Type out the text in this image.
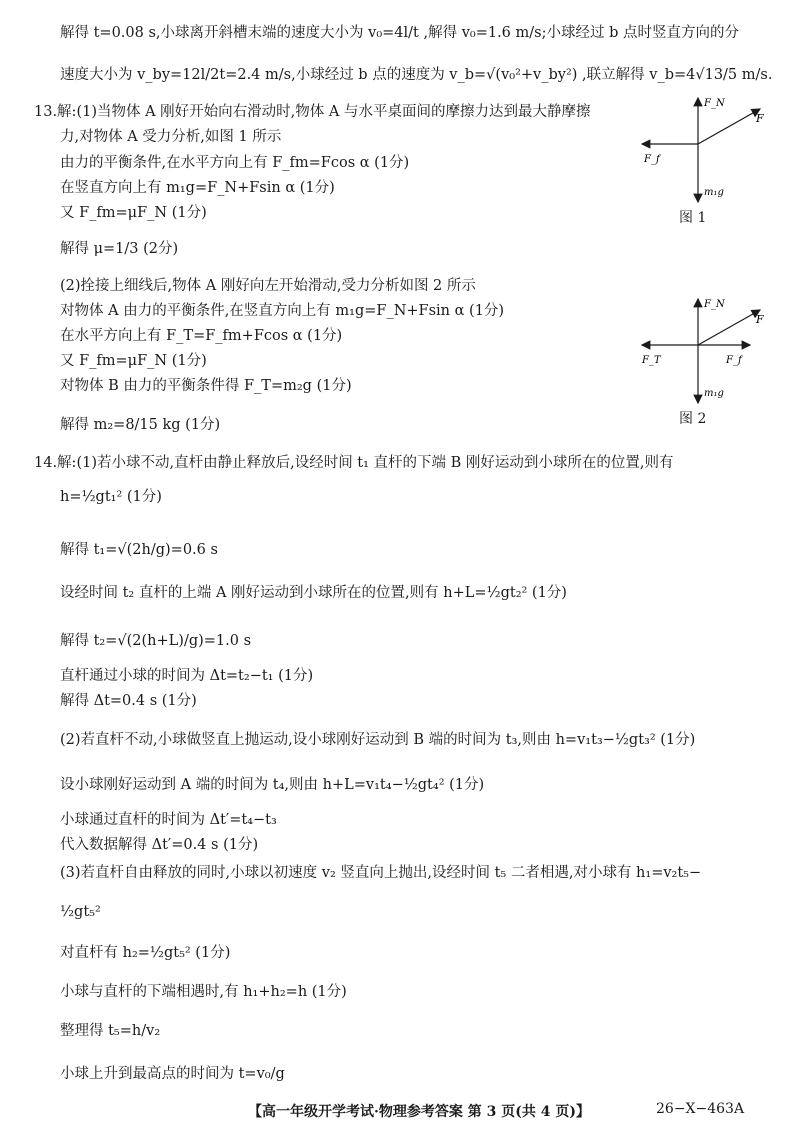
解得 t=0.08 s,小球离开斜槽末端的速度大小为 v₀=4l/t ,解得 v₀=1.6 m/s;小球经过 b 点时竖直方向的分
速度大小为 v_by=12l/2t=2.4 m/s,小球经过 b 点的速度为 v_b=√(v₀²+v_by²) ,联立解得 v_b=4√13/5 m/s.
13.解:(1)当物体 A 刚好开始向右滑动时,物体 A 与水平桌面间的摩擦力达到最大静摩擦
力,对物体 A 受力分析,如图 1 所示
由力的平衡条件,在水平方向上有 F_fm=Fcos α (1分)
在竖直方向上有 m₁g=F_N+Fsin α (1分)
又 F_fm=μF_N (1分)
解得 μ=1/3 (2分)
(2)拴接上细线后,物体 A 刚好向左开始滑动,受力分析如图 2 所示
对物体 A 由力的平衡条件,在竖直方向上有 m₁g=F_N+Fsin α (1分)
在水平方向上有 F_T=F_fm+Fcos α (1分)
又 F_fm=μF_N (1分)
对物体 B 由力的平衡条件得 F_T=m₂g (1分)
解得 m₂=8/15 kg (1分)
14.解:(1)若小球不动,直杆由静止释放后,设经时间 t₁ 直杆的下端 B 刚好运动到小球所在的位置,则有
h=½gt₁² (1分)
解得 t₁=√(2h/g)=0.6 s
设经时间 t₂ 直杆的上端 A 刚好运动到小球所在的位置,则有 h+L=½gt₂² (1分)
解得 t₂=√(2(h+L)/g)=1.0 s
直杆通过小球的时间为 Δt=t₂−t₁ (1分)
解得 Δt=0.4 s (1分)
(2)若直杆不动,小球做竖直上抛运动,设小球刚好运动到 B 端的时间为 t₃,则由 h=v₁t₃−½gt₃² (1分)
设小球刚好运动到 A 端的时间为 t₄,则由 h+L=v₁t₄−½gt₄² (1分)
小球通过直杆的时间为 Δt′=t₄−t₃
代入数据解得 Δt′=0.4 s (1分)
(3)若直杆自由释放的同时,小球以初速度 v₂ 竖直向上抛出,设经时间 t₅ 二者相遇,对小球有 h₁=v₂t₅−
½gt₅²
对直杆有 h₂=½gt₅² (1分)
小球与直杆的下端相遇时,有 h₁+h₂=h (1分)
整理得 t₅=h/v₂
小球上升到最高点的时间为 t=v₀/g
F_N
F
F_f
m₁g
图 1
F_N
F
F_T	F_f
m₁g
图 2
【高一年级开学考试·物理参考答案 第 3 页(共 4 页)】	26−X−463A
